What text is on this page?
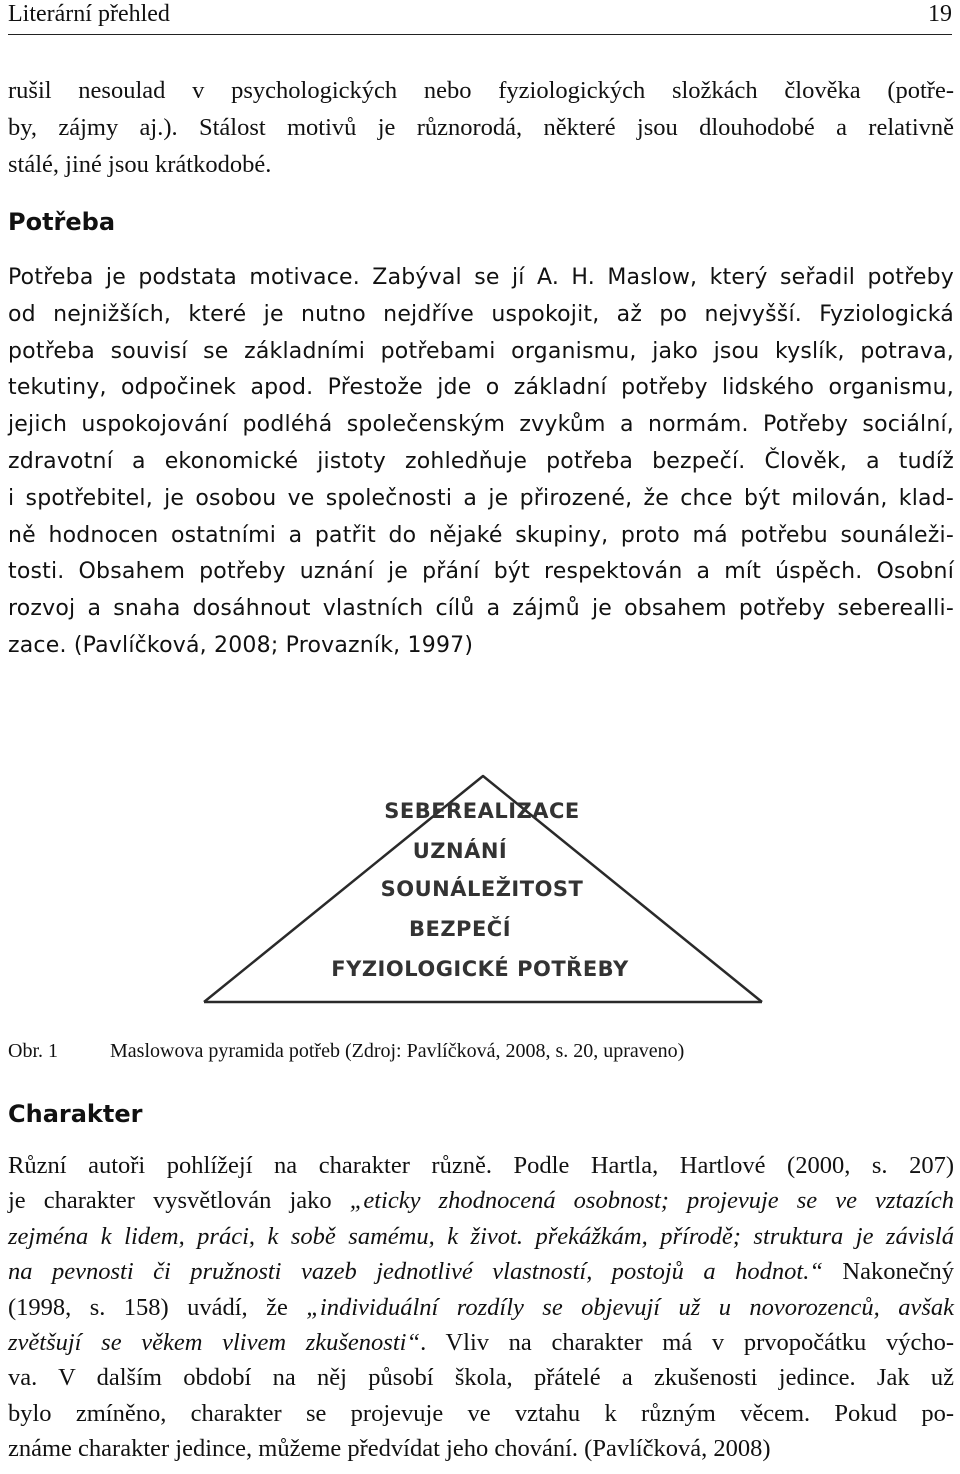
Literární přehled	19

rušil nesoulad v psychologických nebo fyziologických složkách člověka (potře-
by, zájmy aj.). Stálost motivů je různorodá, některé jsou dlouhodobé a relativně
stálé, jiné jsou krátkodobé.

Potřeba

Potřeba je podstata motivace. Zabýval se jí A. H. Maslow, který seřadil potřeby
od nejnižších, které je nutno nejdříve uspokojit, až po nejvyšší. Fyziologická
potřeba souvisí se základními potřebami organismu, jako jsou kyslík, potrava,
tekutiny, odpočinek apod. Přestože jde o základní potřeby lidského organismu,
jejich uspokojování podléhá společenským zvykům a normám. Potřeby sociální,
zdravotní a ekonomické jistoty zohledňuje potřeba bezpečí. Člověk, a tudíž
i spotřebitel, je osobou ve společnosti a je přirozené, že chce být milován, klad-
ně hodnocen ostatními a patřit do nějaké skupiny, proto má potřebu sounáleži-
tosti. Obsahem potřeby uznání je přání být respektován a mít úspěch. Osobní
rozvoj a snaha dosáhnout vlastních cílů a zájmů je obsahem potřeby seberealli-
zace. (Pavlíčková, 2008; Provazník, 1997)

SEBEREALIZACE
UZNÁNÍ
SOUNÁLEŽITOST
BEZPEČÍ
FYZIOLOGICKÉ POTŘEBY
Obr. 1	Maslowova pyramida potřeb (Zdroj: Pavlíčková, 2008, s. 20, upraveno)
Charakter

Různí autoři pohlížejí na charakter různě. Podle Hartla, Hartlové (2000, s. 207)
je charakter vysvětlován jako „eticky zhodnocená osobnost; projevuje se ve vztazích
zejména k lidem, práci, k sobě samému, k život. překážkám, přírodě; struktura je závislá
na pevnosti či pružnosti vazeb jednotlivé vlastností, postojů a hodnot.“ Nakonečný
(1998, s. 158) uvádí, že „individuální rozdíly se objevují už u novorozenců, avšak
zvětšují se věkem vlivem zkušenosti“. Vliv na charakter má v prvopočátku výcho-
va. V dalším období na něj působí škola, přátelé a zkušenosti jedince. Jak už
bylo zmíněno, charakter se projevuje ve vztahu k různým věcem. Pokud po-
známe charakter jedince, můžeme předvídat jeho chování. (Pavlíčková, 2008)
